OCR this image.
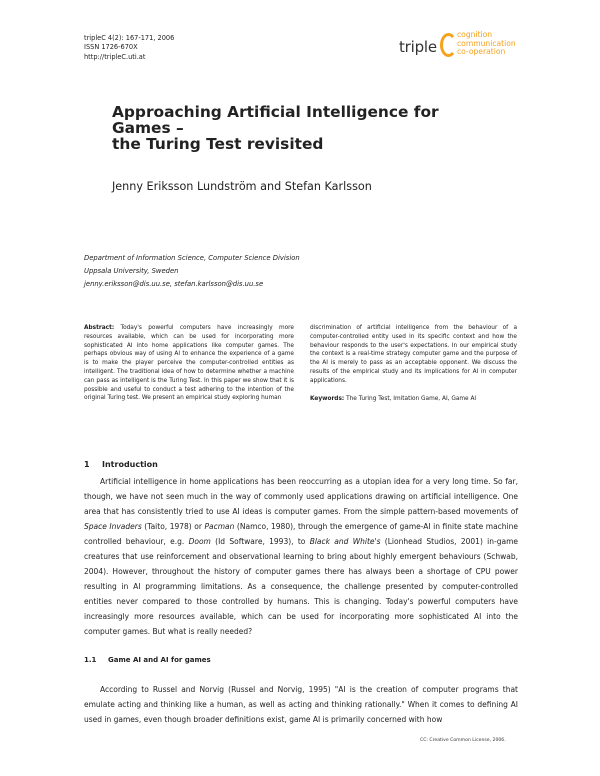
tripleC 4(2): 167-171, 2006
ISSN 1726-670X
http://tripleC.uti.at
triple
cognition
communication
co-operation
Approaching Artificial Intelligence for Games –
the Turing Test revisited
Jenny Eriksson Lundström and Stefan Karlsson
Department of Information Science, Computer Science Division
Uppsala University, Sweden
jenny.eriksson@dis.uu.se, stefan.karlsson@dis.uu.se
Abstract: Today's powerful computers have increasingly more resources available, which can be used for incorporating more sophisticated AI into home applications like computer games. The perhaps obvious way of using AI to enhance the experience of a game is to make the player perceive the computer-controlled entities as intelligent. The traditional idea of how to determine whether a machine can pass as intelligent is the Turing Test. In this paper we show that it is possible and useful to conduct a test adhering to the intention of the original Turing test. We present an empirical study exploring human
discrimination of artificial intelligence from the behaviour of a computer-controlled entity used in its specific context and how the behaviour responds to the user's expectations. In our empirical study the context is a real-time strategy computer game and the purpose of the AI is merely to pass as an acceptable opponent. We discuss the results of the empirical study and its implications for AI in computer applications.
Keywords: The Turing Test, Imitation Game, AI, Game AI
1 Introduction
Artificial intelligence in home applications has been reoccurring as a utopian idea for a very long time. So far, though, we have not seen much in the way of commonly used applications drawing on artificial intelligence. One area that has consistently tried to use AI ideas is computer games. From the simple pattern-based movements of Space Invaders (Taito, 1978) or Pacman (Namco, 1980), through the emergence of game-AI in finite state machine controlled behaviour, e.g. Doom (Id Software, 1993), to Black and White's (Lionhead Studios, 2001) in-game creatures that use reinforcement and observational learning to bring about highly emergent behaviours (Schwab, 2004). However, throughout the history of computer games there has always been a shortage of CPU power resulting in AI programming limitations. As a consequence, the challenge presented by computer-controlled entities never compared to those controlled by humans. This is changing. Today's powerful computers have increasingly more resources available, which can be used for incorporating more sophisticated AI into the computer games. But what is really needed?
1.1 Game AI and AI for games
According to Russel and Norvig (Russel and Norvig, 1995) "AI is the creation of computer programs that emulate acting and thinking like a human, as well as acting and thinking rationally." When it comes to defining AI used in games, even though broader definitions exist, game AI is primarily concerned with how
CC: Creative Common License, 2006.
